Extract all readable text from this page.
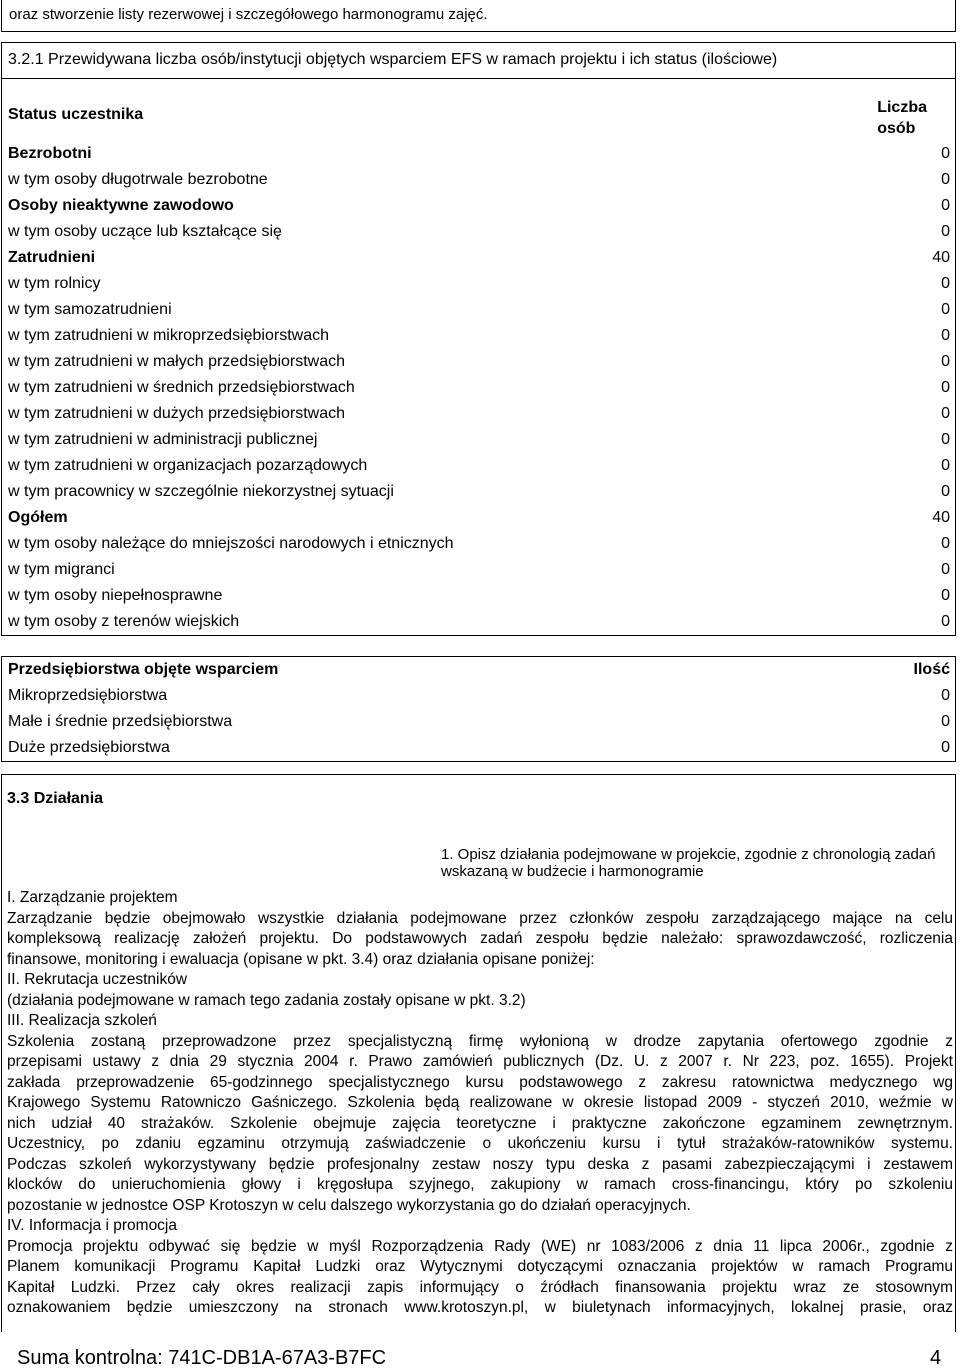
oraz stworzenie listy rezerwowej i szczegółowego harmonogramu zajęć.
3.2.1 Przewidywana liczba osób/instytucji objętych wsparciem EFS w ramach projektu i ich status (ilościowe)
Status uczestnika	Liczba
osób
Bezrobotni	0
w tym osoby długotrwale bezrobotne	0
Osoby nieaktywne zawodowo	0
w tym osoby uczące lub kształcące się	0
Zatrudnieni	40
w tym rolnicy	0
w tym samozatrudnieni	0
w tym zatrudnieni w mikroprzedsiębiorstwach	0
w tym zatrudnieni w małych przedsiębiorstwach	0
w tym zatrudnieni w średnich przedsiębiorstwach	0
w tym zatrudnieni w dużych przedsiębiorstwach	0
w tym zatrudnieni w administracji publicznej	0
w tym zatrudnieni w organizacjach pozarządowych	0
w tym pracownicy w szczególnie niekorzystnej sytuacji	0
Ogółem	40
w tym osoby należące do mniejszości narodowych i etnicznych	0
w tym migranci	0
w tym osoby niepełnosprawne	0
w tym osoby z terenów wiejskich	0
Przedsiębiorstwa objęte wsparciem	Ilość
Mikroprzedsiębiorstwa	0
Małe i średnie przedsiębiorstwa	0
Duże przedsiębiorstwa	0
3.3 Działania
1. Opisz działania podejmowane w projekcie, zgodnie z chronologią zadań wskazaną w budżecie i harmonogramie

I. Zarządzanie projektem

Zarządzanie będzie obejmowało wszystkie działania podejmowane przez członków zespołu zarządzającego mające na celu

kompleksową realizację założeń projektu. Do podstawowych zadań zespołu będzie należało: sprawozdawczość, rozliczenia

finansowe, monitoring i ewaluacja (opisane w pkt. 3.4) oraz działania opisane poniżej:

II. Rekrutacja uczestników

(działania podejmowane w ramach tego zadania zostały opisane w pkt. 3.2)

III. Realizacja szkoleń

Szkolenia zostaną przeprowadzone przez specjalistyczną firmę wyłonioną w drodze zapytania ofertowego zgodnie z

przepisami ustawy z dnia 29 stycznia 2004 r. Prawo zamówień publicznych (Dz. U. z 2007 r. Nr 223, poz. 1655). Projekt

zakłada przeprowadzenie 65-godzinnego specjalistycznego kursu podstawowego z zakresu ratownictwa medycznego wg

Krajowego Systemu Ratowniczo Gaśniczego. Szkolenia będą realizowane w okresie listopad 2009 - styczeń 2010, weźmie w

nich udział 40 strażaków. Szkolenie obejmuje zajęcia teoretyczne i praktyczne zakończone egzaminem zewnętrznym.

Uczestnicy, po zdaniu egzaminu otrzymują zaświadczenie o ukończeniu kursu i tytuł strażaków-ratowników systemu.

Podczas szkoleń wykorzystywany będzie profesjonalny zestaw noszy typu deska z pasami zabezpieczającymi i zestawem

klocków do unieruchomienia głowy i kręgosłupa szyjnego, zakupiony w ramach cross-financingu, który po szkoleniu

pozostanie w jednostce OSP Krotoszyn w celu dalszego wykorzystania go do działań operacyjnych.

IV. Informacja i promocja

Promocja projektu odbywać się będzie w myśl Rozporządzenia Rady (WE) nr 1083/2006 z dnia 11 lipca 2006r., zgodnie z

Planem komunikacji Programu Kapitał Ludzki oraz Wytycznymi dotyczącymi oznaczania projektów w ramach Programu

Kapitał Ludzki. Przez cały okres realizacji zapis informujący o źródłach finansowania projektu wraz ze stosownym

oznakowaniem będzie umieszczony na stronach www.krotoszyn.pl, w biuletynach informacyjnych, lokalnej prasie, oraz

Suma kontrolna: 741C-DB1A-67A3-B7FC	4
